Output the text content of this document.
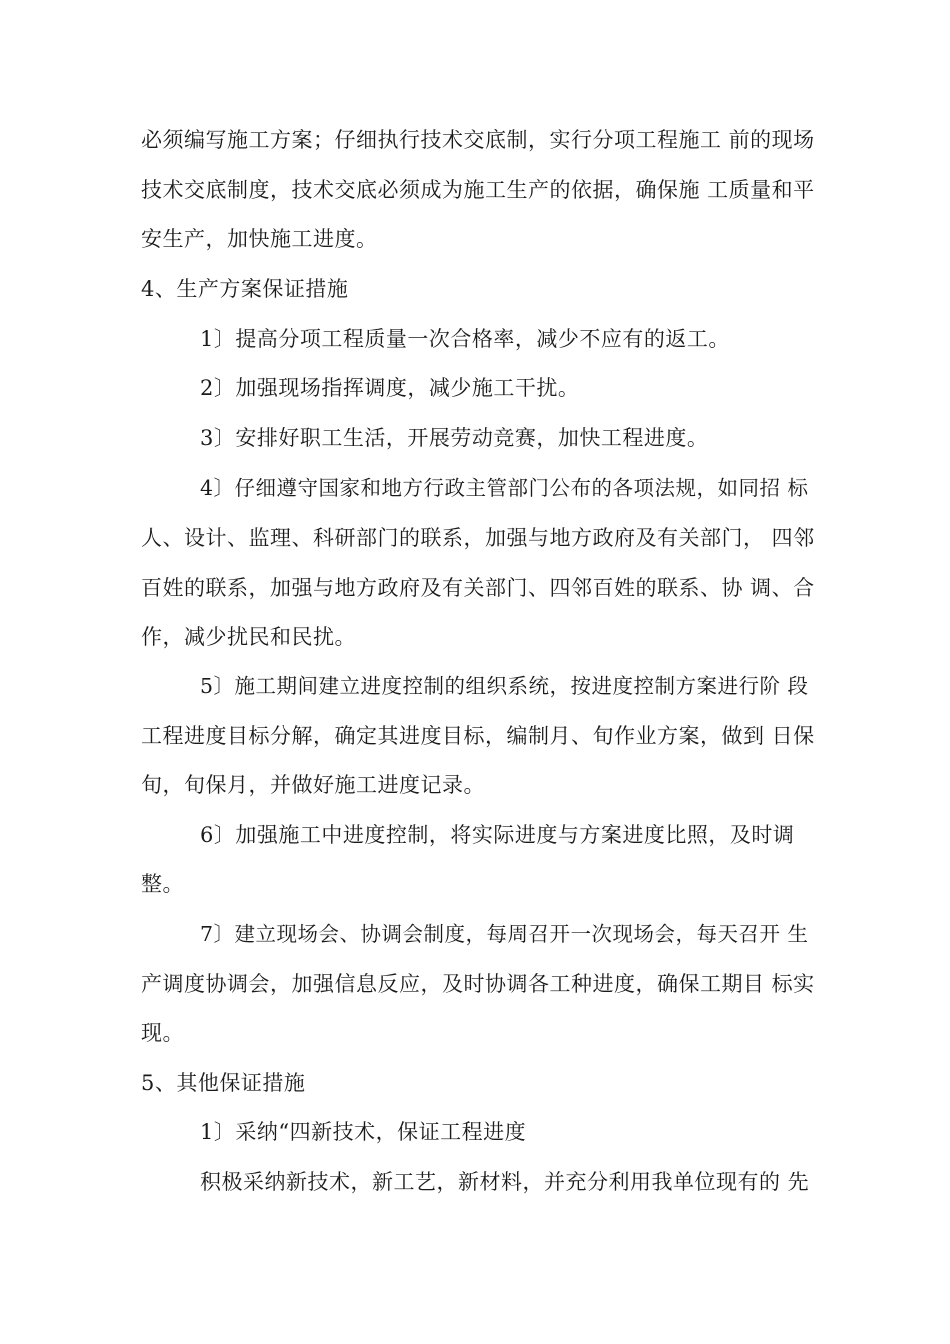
必须编写施工方案；仔细执行技术交底制，实行分项工程施工 前的现场
技术交底制度，技术交底必须成为施工生产的依据，确保施 工质量和平
安生产，加快施工进度。
4、生产方案保证措施
1〕提高分项工程质量一次合格率，减少不应有的返工。
2〕加强现场指挥调度，减少施工干扰。
3〕安排好职工生活，开展劳动竞赛，加快工程进度。
4〕仔细遵守国家和地方行政主管部门公布的各项法规，如同招 标
人、设计、监理、科研部门的联系，加强与地方政府及有关部门， 四邻
百姓的联系，加强与地方政府及有关部门、四邻百姓的联系、协 调、合
作，减少扰民和民扰。
5〕施工期间建立进度控制的组织系统，按进度控制方案进行阶 段
工程进度目标分解，确定其进度目标，编制月、旬作业方案，做到 日保
旬，旬保月，并做好施工进度记录。
6〕加强施工中进度控制，将实际进度与方案进度比照，及时调
整。
7〕建立现场会、协调会制度，每周召开一次现场会，每天召开 生
产调度协调会，加强信息反应，及时协调各工种进度，确保工期目 标实
现。
5、其他保证措施
1〕采纳“四新技术，保证工程进度
积极采纳新技术，新工艺，新材料，并充分利用我单位现有的 先
